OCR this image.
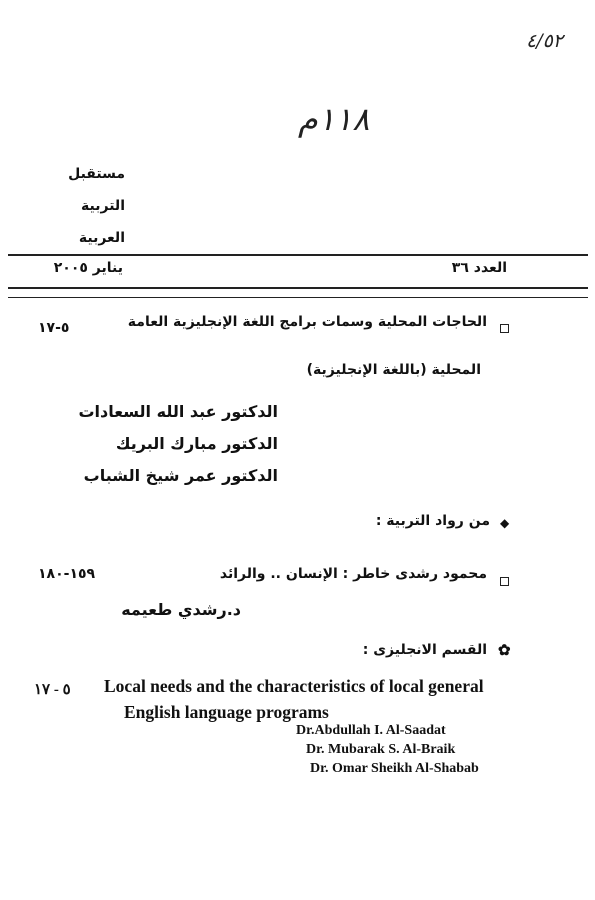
٤/٥٢
١١٨م
مستقبل
التربية
العربية
العدد ٣٦
يناير ٢٠٠٥
الحاجات المحلية وسمات برامج اللغة الإنجليزية العامة
٥-١٧
المحلية (باللغة الإنجليزية)
الدكتور عبد الله السعادات
الدكتور مبارك البريك
الدكتور عمر شيخ الشباب
◆
من رواد التربية :
محمود رشدى خاطر : الإنسان .. والرائد
١٥٩-١٨٠
د.رشدي طعيمه
✿
القسم الانجليزى :
٥ - ١٧ Local needs and the characteristics of local general
English language programs
Dr.Abdullah I. Al-Saadat
Dr. Mubarak S. Al-Braik
Dr. Omar Sheikh Al-Shabab
